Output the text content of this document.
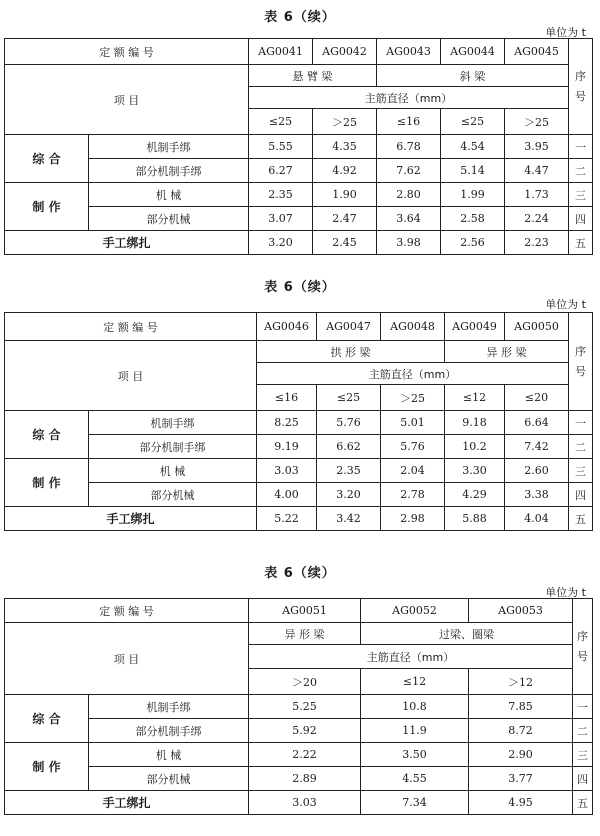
表 6（续）
单位为 t
定 额 编 号		AG0041	AG0042	AG0043	AG0044	AG0045	序号
项 目		悬 臂 梁		斜 梁			
		主筋直径（mm）					
		≤25	＞25	≤16	≤25	＞25	
综 合	机制手绑	5.55	4.35	6.78	4.54	3.95	一
	部分机制手绑	6.27	4.92	7.62	5.14	4.47	二
制 作	机 械	2.35	1.90	2.80	1.99	1.73	三
	部分机械	3.07	2.47	3.64	2.58	2.24	四
手工绑扎		3.20	2.45	3.98	2.56	2.23	五
表 6（续）
单位为 t
定 额 编 号		AG0046	AG0047	AG0048	AG0049	AG0050	序号
项 目		拱 形 梁			异 形 梁		
		主筋直径（mm）					
		≤16	≤25	＞25	≤12	≤20	
综 合	机制手绑	8.25	5.76	5.01	9.18	6.64	一
	部分机制手绑	9.19	6.62	5.76	10.2	7.42	二
制 作	机 械	3.03	2.35	2.04	3.30	2.60	三
	部分机械	4.00	3.20	2.78	4.29	3.38	四
手工绑扎		5.22	3.42	2.98	5.88	4.04	五
表 6（续）
单位为 t
定 额 编 号		AG0051	AG0052	AG0053	序号
项 目		异 形 梁	过梁、圈梁		
		主筋直径（mm）			
		＞20	≤12	＞12	
综 合	机制手绑	5.25	10.8	7.85	一
	部分机制手绑	5.92	11.9	8.72	二
制 作	机 械	2.22	3.50	2.90	三
	部分机械	2.89	4.55	3.77	四
手工绑扎		3.03	7.34	4.95	五
